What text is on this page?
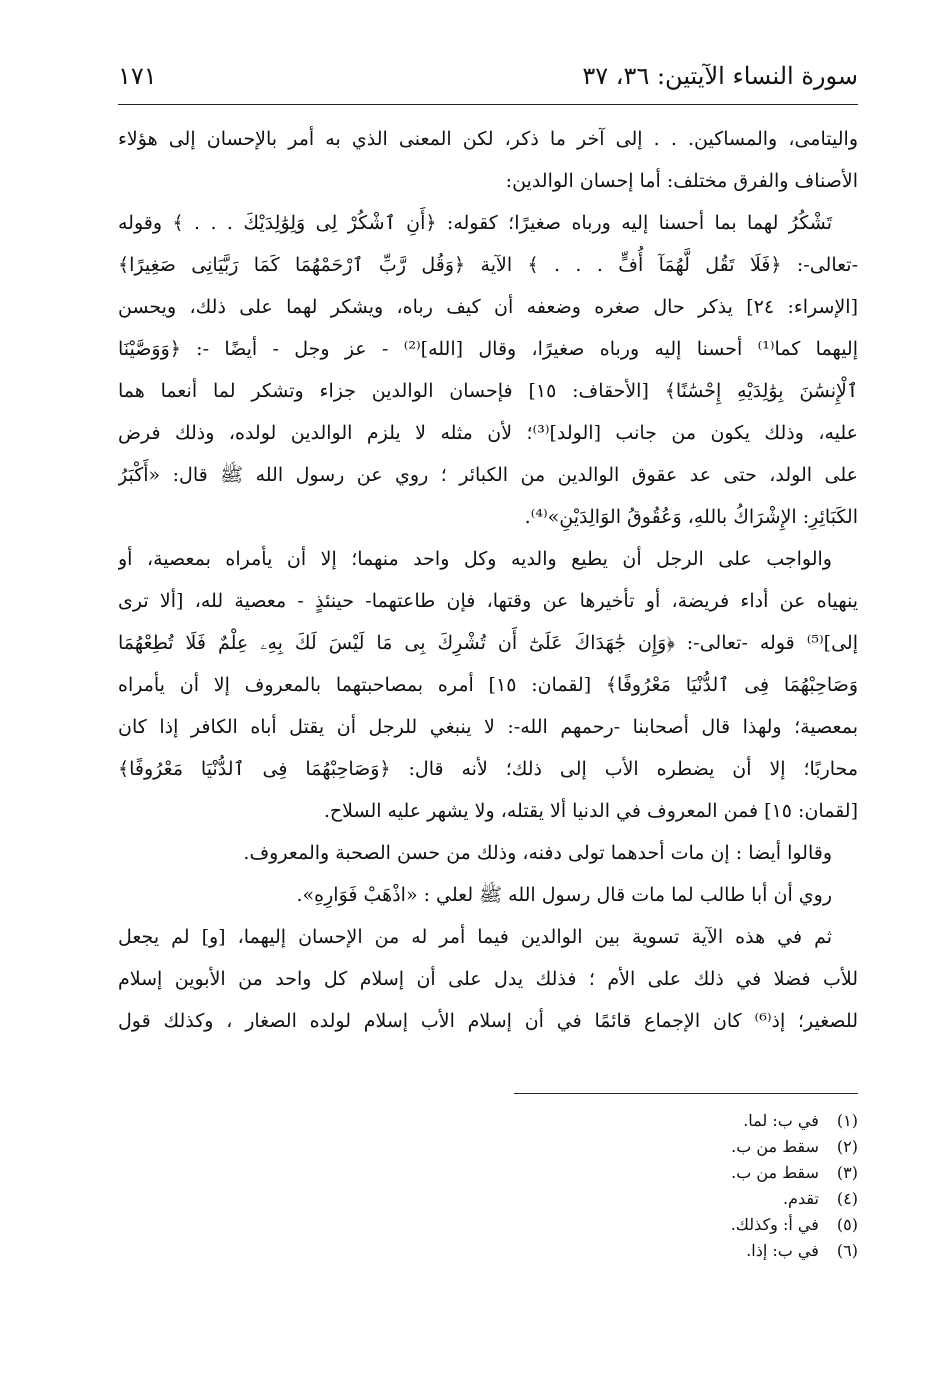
سورة النساء الآيتين: ٣٦، ٣٧
١٧١
واليتامى، والمساكين. . . إلى آخر ما ذكر، لكن المعنى الذي به أمر بالإحسان إلى هؤلاء
الأصناف والفرق مختلف: أما إحسان الوالدين:
تَشْكُرُ لهما بما أحسنا إليه ورباه صغيرًا؛ كقوله: ﴿أَنِ ٱشْكُرْ لِى وَلِوَٰلِدَيْكَ . . . ﴾ وقوله
-تعالى-: ﴿فَلَا تَقُل لَّهُمَآ أُفٍّ . . . ﴾ الآية ﴿وَقُل رَّبِّ ٱرْحَمْهُمَا كَمَا رَبَّيَانِى صَغِيرًا﴾
[الإسراء: ٢٤] يذكر حال صغره وضعفه أن كيف رباه، ويشكر لهما على ذلك، ويحسن
إليهما كما⁽¹⁾ أحسنا إليه ورباه صغيرًا، وقال [الله]⁽²⁾ - عز وجل - أيضًا -: ﴿وَوَصَّيْنَا
ٱلْإِنسَٰنَ بِوَٰلِدَيْهِ إِحْسَٰنًا﴾ [الأحقاف: ١٥] فإحسان الوالدين جزاء وتشكر لما أنعما هما
عليه، وذلك يكون من جانب [الولد]⁽³⁾؛ لأن مثله لا يلزم الوالدين لولده، وذلك فرض
على الولد، حتى عد عقوق الوالدين من الكبائر ؛ روي عن رسول الله ﷺ قال: «أَكْبَرُ
الكَبَائِرِ: الإِشْرَاكُ باللهِ، وَعُقُوقُ الوَالِدَيْنِ»⁽⁴⁾.
والواجب على الرجل أن يطيع والديه وكل واحد منهما؛ إلا أن يأمراه بمعصية، أو
ينهياه عن أداء فريضة، أو تأخيرها عن وقتها، فإن طاعتهما- حينئذٍ - معصية لله، [ألا ترى
إلى]⁽⁵⁾ قوله -تعالى-: ﴿وَإِن جَٰهَدَاكَ عَلَىٰٓ أَن تُشْرِكَ بِى مَا لَيْسَ لَكَ بِهِۦ عِلْمٌ فَلَا تُطِعْهُمَا
وَصَاحِبْهُمَا فِى ٱلدُّنْيَا مَعْرُوفًا﴾ [لقمان: ١٥] أمره بمصاحبتهما بالمعروف إلا أن يأمراه
بمعصية؛ ولهذا قال أصحابنا -رحمهم الله-: لا ينبغي للرجل أن يقتل أباه الكافر إذا كان
محاربًا؛ إلا أن يضطره الأب إلى ذلك؛ لأنه قال: ﴿وَصَاحِبْهُمَا فِى ٱلدُّنْيَا مَعْرُوفًا﴾
[لقمان: ١٥] فمن المعروف في الدنيا ألا يقتله، ولا يشهر عليه السلاح.
وقالوا أيضا : إن مات أحدهما تولى دفنه، وذلك من حسن الصحبة والمعروف.
روي أن أبا طالب لما مات قال رسول الله ﷺ لعلي : «اذْهَبْ فَوَارِهِ».
ثم في هذه الآية تسوية بين الوالدين فيما أمر له من الإحسان إليهما، [و] لم يجعل
للأب فضلا في ذلك على الأم ؛ فذلك يدل على أن إسلام كل واحد من الأبوين إسلام
للصغير؛ إذ⁽⁶⁾ كان الإجماع قائمًا في أن إسلام الأب إسلام لولده الصغار ، وكذلك قول
(١) في ب: لما.
(٢) سقط من ب.
(٣) سقط من ب.
(٤) تقدم.
(٥) في أ: وكذلك.
(٦) في ب: إذا.
